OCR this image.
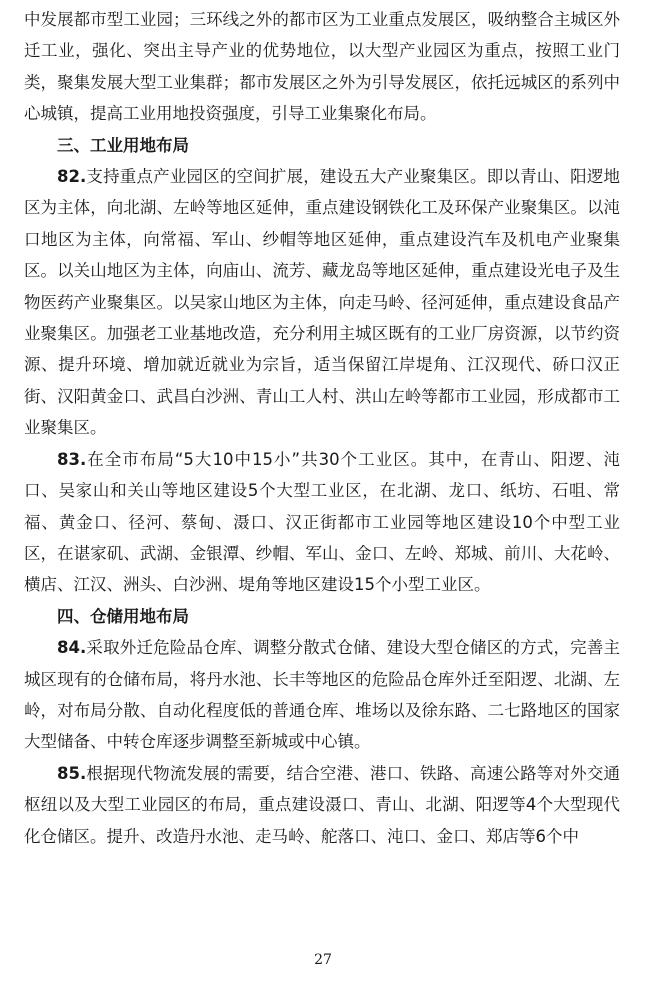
中发展都市型工业园；三环线之外的都市区为工业重点发展区，吸纳整合主城区外迁工业，强化、突出主导产业的优势地位，以大型产业园区为重点，按照工业门类，聚集发展大型工业集群；都市发展区之外为引导发展区，依托远城区的系列中心城镇，提高工业用地投资强度，引导工业集聚化布局。

三、工业用地布局

82.支持重点产业园区的空间扩展，建设五大产业聚集区。即以青山、阳逻地区为主体，向北湖、左岭等地区延伸，重点建设钢铁化工及环保产业聚集区。以沌口地区为主体，向常福、军山、纱帽等地区延伸，重点建设汽车及机电产业聚集区。以关山地区为主体，向庙山、流芳、藏龙岛等地区延伸，重点建设光电子及生物医药产业聚集区。以吴家山地区为主体，向走马岭、径河延伸，重点建设食品产业聚集区。加强老工业基地改造，充分利用主城区既有的工业厂房资源，以节约资源、提升环境、增加就近就业为宗旨，适当保留江岸堤角、江汉现代、硚口汉正街、汉阳黄金口、武昌白沙洲、青山工人村、洪山左岭等都市工业园，形成都市工业聚集区。

83.在全市布局“5大10中15小”共30个工业区。其中，在青山、阳逻、沌口、吴家山和关山等地区建设5个大型工业区，在北湖、龙口、纸坊、石咀、常福、黄金口、径河、蔡甸、滠口、汉正街都市工业园等地区建设10个中型工业区，在谌家矶、武湖、金银潭、纱帽、军山、金口、左岭、郑城、前川、大花岭、横店、江汉、洲头、白沙洲、堤角等地区建设15个小型工业区。

四、仓储用地布局

84.采取外迁危险品仓库、调整分散式仓储、建设大型仓储区的方式，完善主城区现有的仓储布局，将丹水池、长丰等地区的危险品仓库外迁至阳逻、北湖、左岭，对布局分散、自动化程度低的普通仓库、堆场以及徐东路、二七路地区的国家大型储备、中转仓库逐步调整至新城或中心镇。

85.根据现代物流发展的需要，结合空港、港口、铁路、高速公路等对外交通枢纽以及大型工业园区的布局，重点建设滠口、青山、北湖、阳逻等4个大型现代化仓储区。提升、改造丹水池、走马岭、舵落口、沌口、金口、郑店等6个中

27
